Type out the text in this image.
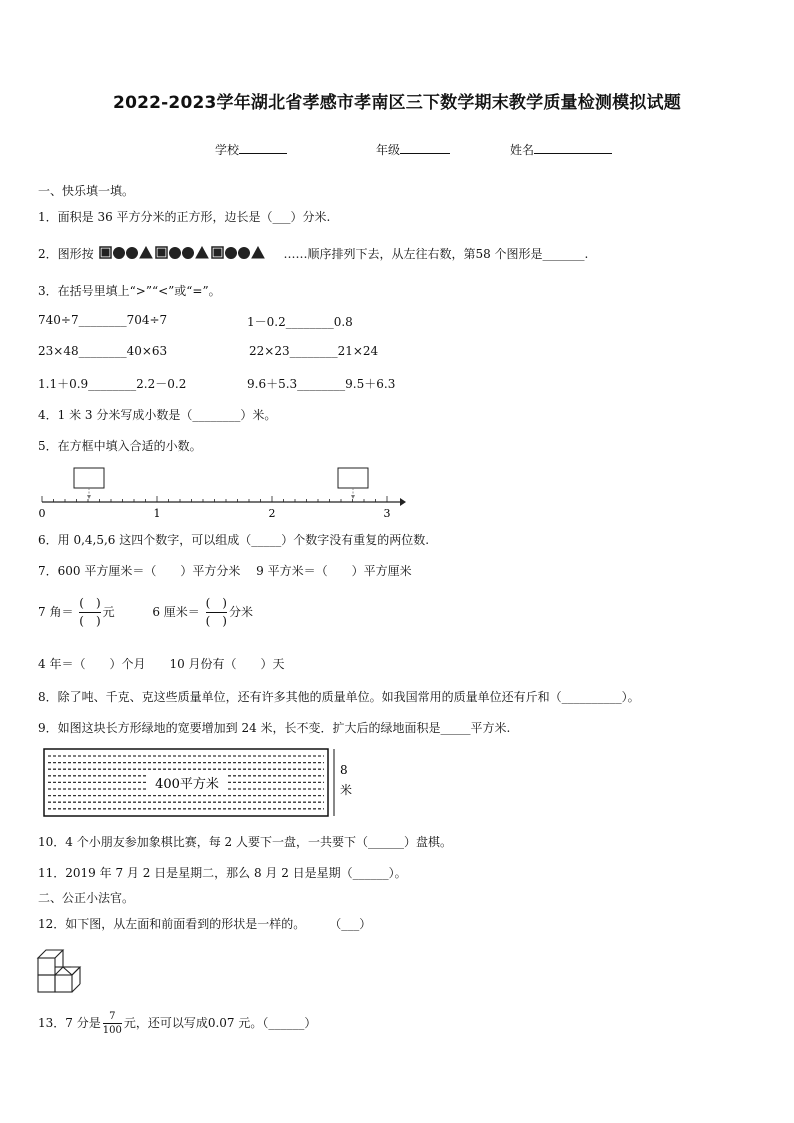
2022-2023学年湖北省孝感市孝南区三下数学期末教学质量检测模拟试题
学校	年级	姓名
一、快乐填一填。
1．面积是 36 平方分米的正方形，边长是（___）分米.
2．图形按	……顺序排列下去，从左往右数，第58 个图形是_______.
3．在括号里填上“>”“<”或“=”。
740÷7________704÷7	1－0.2________0.8
23×48________40×63	22×23________21×24
1.1＋0.9________2.2－0.2	9.6＋5.3________9.5＋6.3
4．1 米 3 分米写成小数是（________）米。
5．在方框中填入合适的小数。
0	1	2	3
6．用 0,4,5,6 这四个数字，可以组成（_____）个数字没有重复的两位数.
7．600 平方厘米＝（　　）平方分米　 9 平方米＝（　　）平方厘米
7 角＝ $\frac{( )}{( )}$ 元	6 厘米＝ $\frac{( )}{( )}$ 分米
4 年＝（　　）个月　　10 月份有（　　）天
8．除了吨、千克、克这些质量单位，还有许多其他的质量单位。如我国常用的质量单位还有斤和（__________）。
9．如图这块长方形绿地的宽要增加到 24 米，长不变．扩大后的绿地面积是_____平方米.
400平方米
8
米
10．4 个小朋友参加象棋比赛，每 2 人要下一盘，一共要下（______）盘棋。
11．2019 年 7 月 2 日是星期二，那么 8 月 2 日是星期（______）。
二、公正小法官。
12．如下图，从左面和前面看到的形状是一样的。　　　（___）
13．7 分是 $\frac{7}{100}$ 元，还可以写成0.07 元。（______）
